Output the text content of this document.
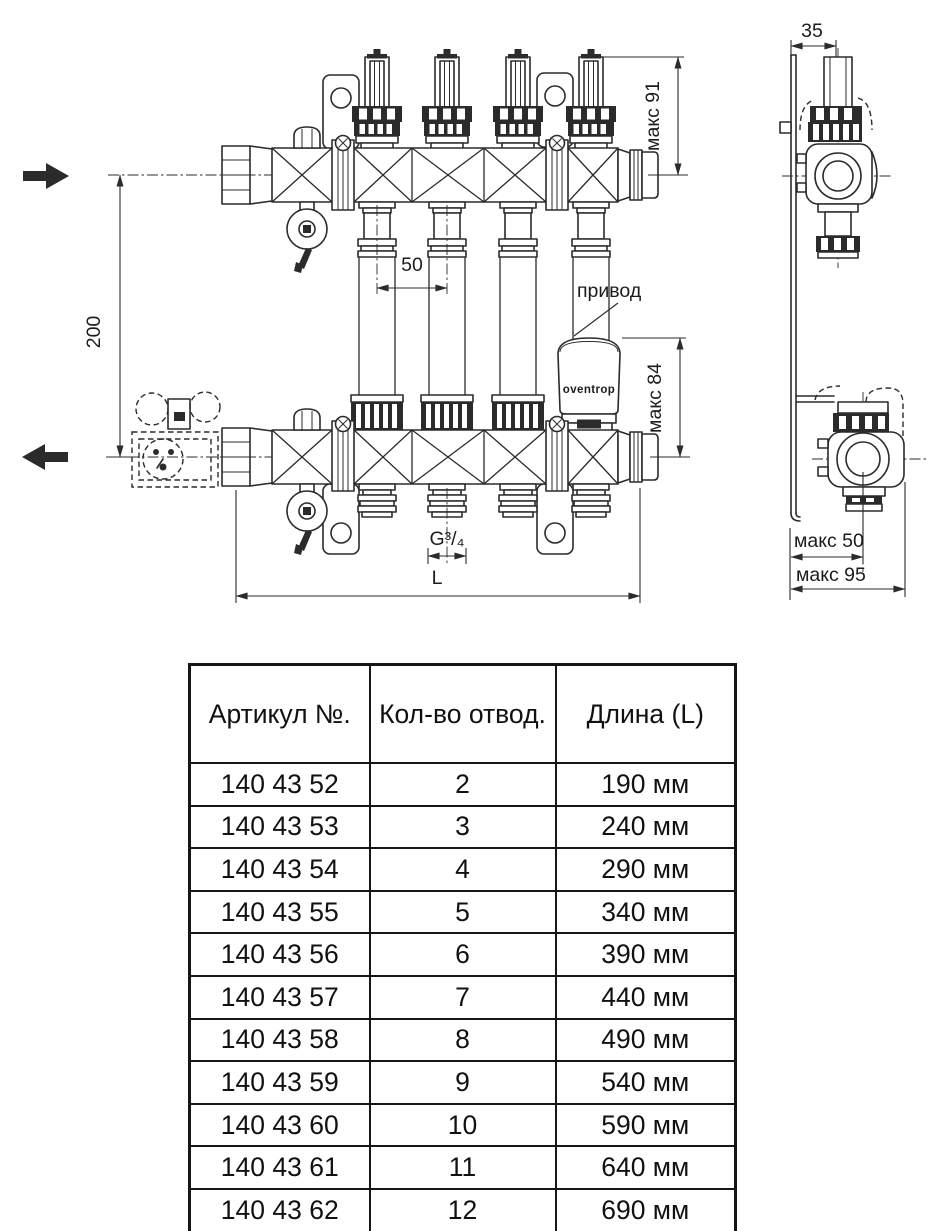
oventrop
200
50
макс 91
привод
макс 84
G³/₄
L
35
макс 50
макс 95
Артикул №.	Кол-во отвод.	Длина (L)
140 43 52	2	190 мм
140 43 53	3	240 мм
140 43 54	4	290 мм
140 43 55	5	340 мм
140 43 56	6	390 мм
140 43 57	7	440 мм
140 43 58	8	490 мм
140 43 59	9	540 мм
140 43 60	10	590 мм
140 43 61	11	640 мм
140 43 62	12	690 мм
